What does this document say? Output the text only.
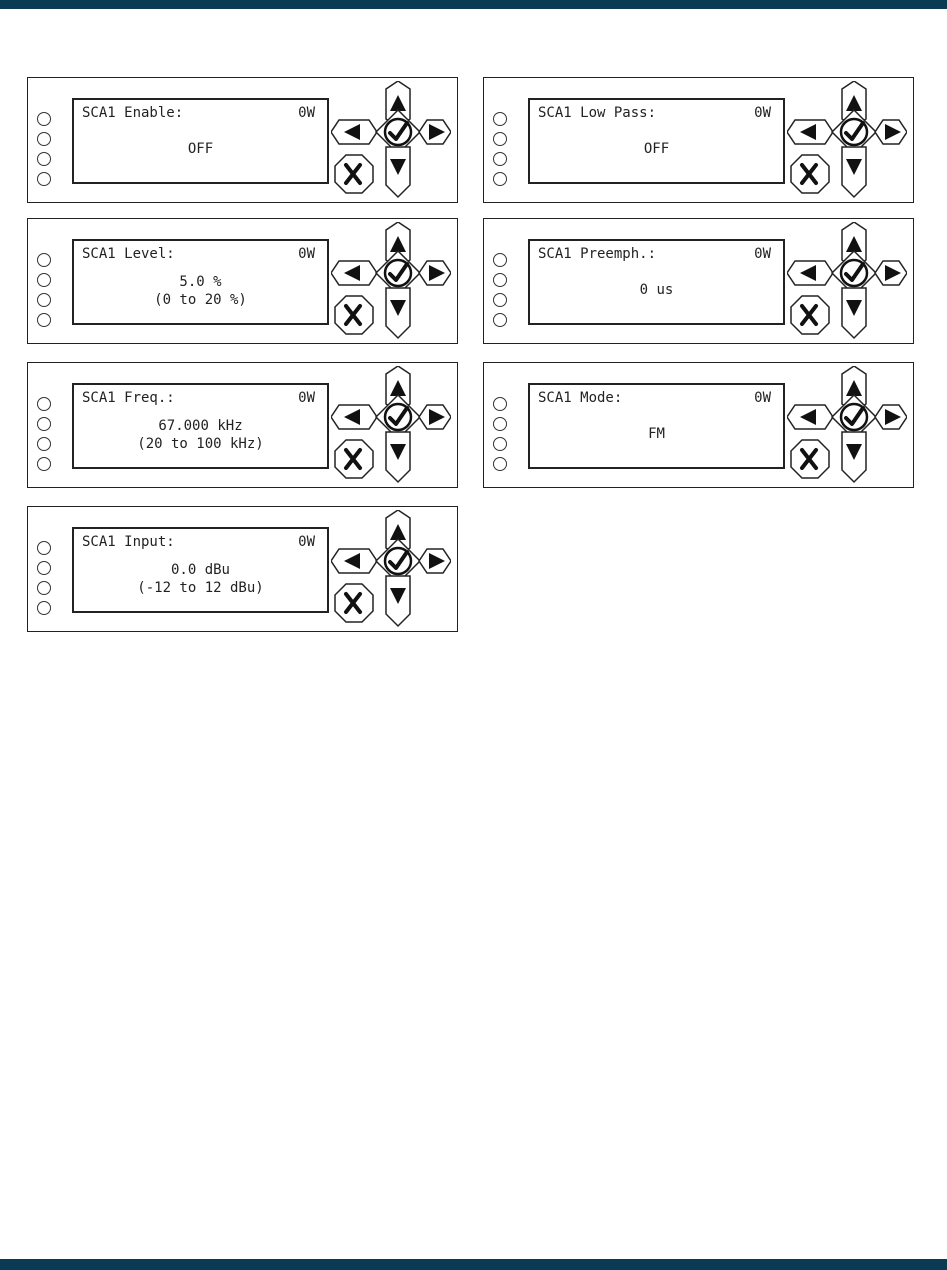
SCA1 Enable:	0W
OFF
SCA1 Low Pass:	0W
OFF
SCA1 Level:	0W
5.0 %
(0 to 20 %)
SCA1 Preemph.:	0W
0 us
SCA1 Freq.:	0W
67.000 kHz
(20 to 100 kHz)
SCA1 Mode:	0W
FM
SCA1 Input:	0W
0.0 dBu
(-12 to 12 dBu)
